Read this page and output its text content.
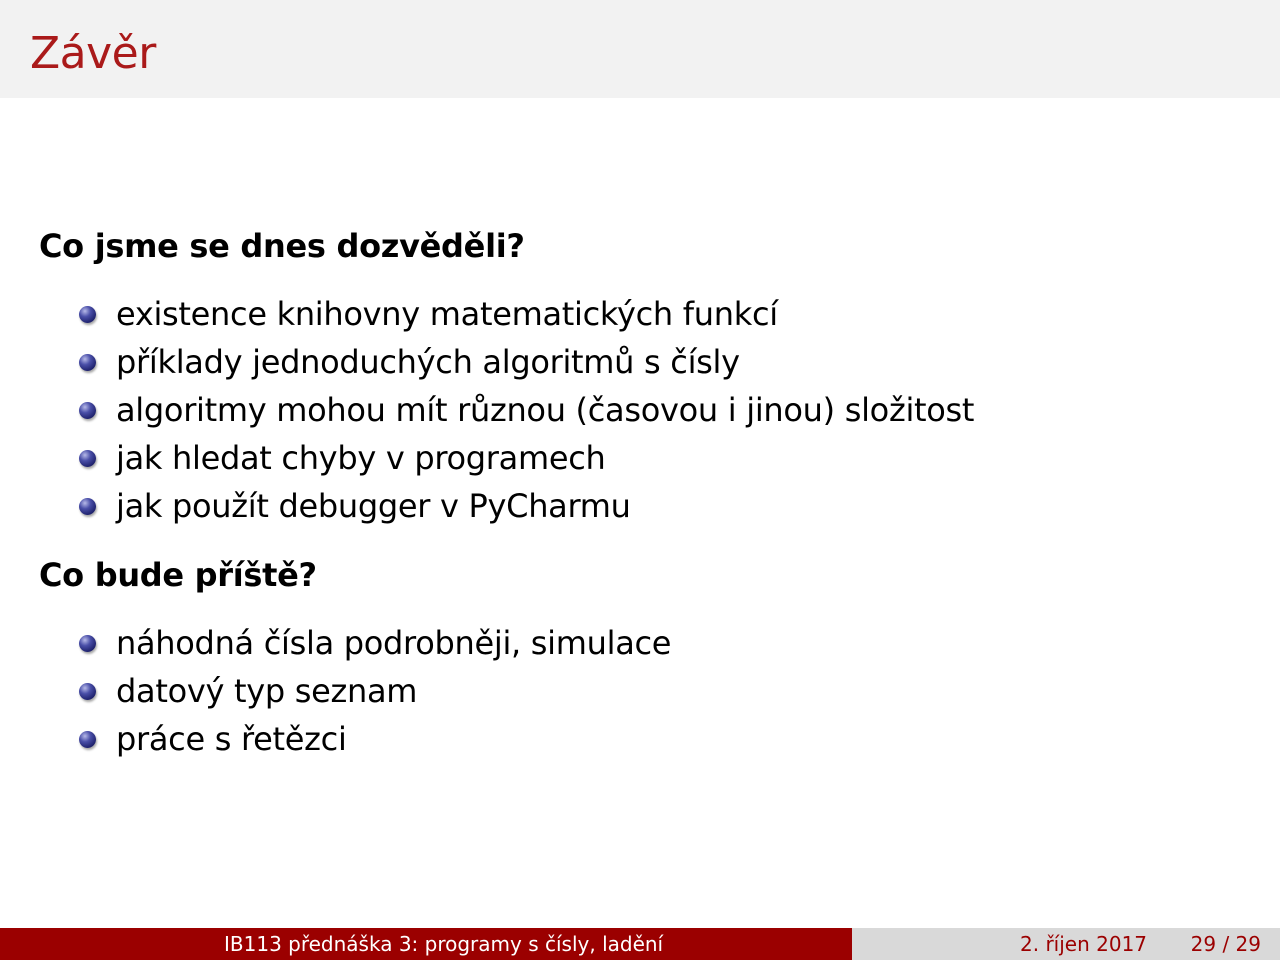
Závěr
Co jsme se dnes dozvěděli?
existence knihovny matematických funkcí
příklady jednoduchých algoritmů s čísly
algoritmy mohou mít různou (časovou i jinou) složitost
jak hledat chyby v programech
jak použít debugger v PyCharmu
Co bude příště?
náhodná čísla podrobněji, simulace
datový typ seznam
práce s řetězci
IB113 přednáška 3: programy s čísly, ladění	2. říjen 2017 29 / 29
